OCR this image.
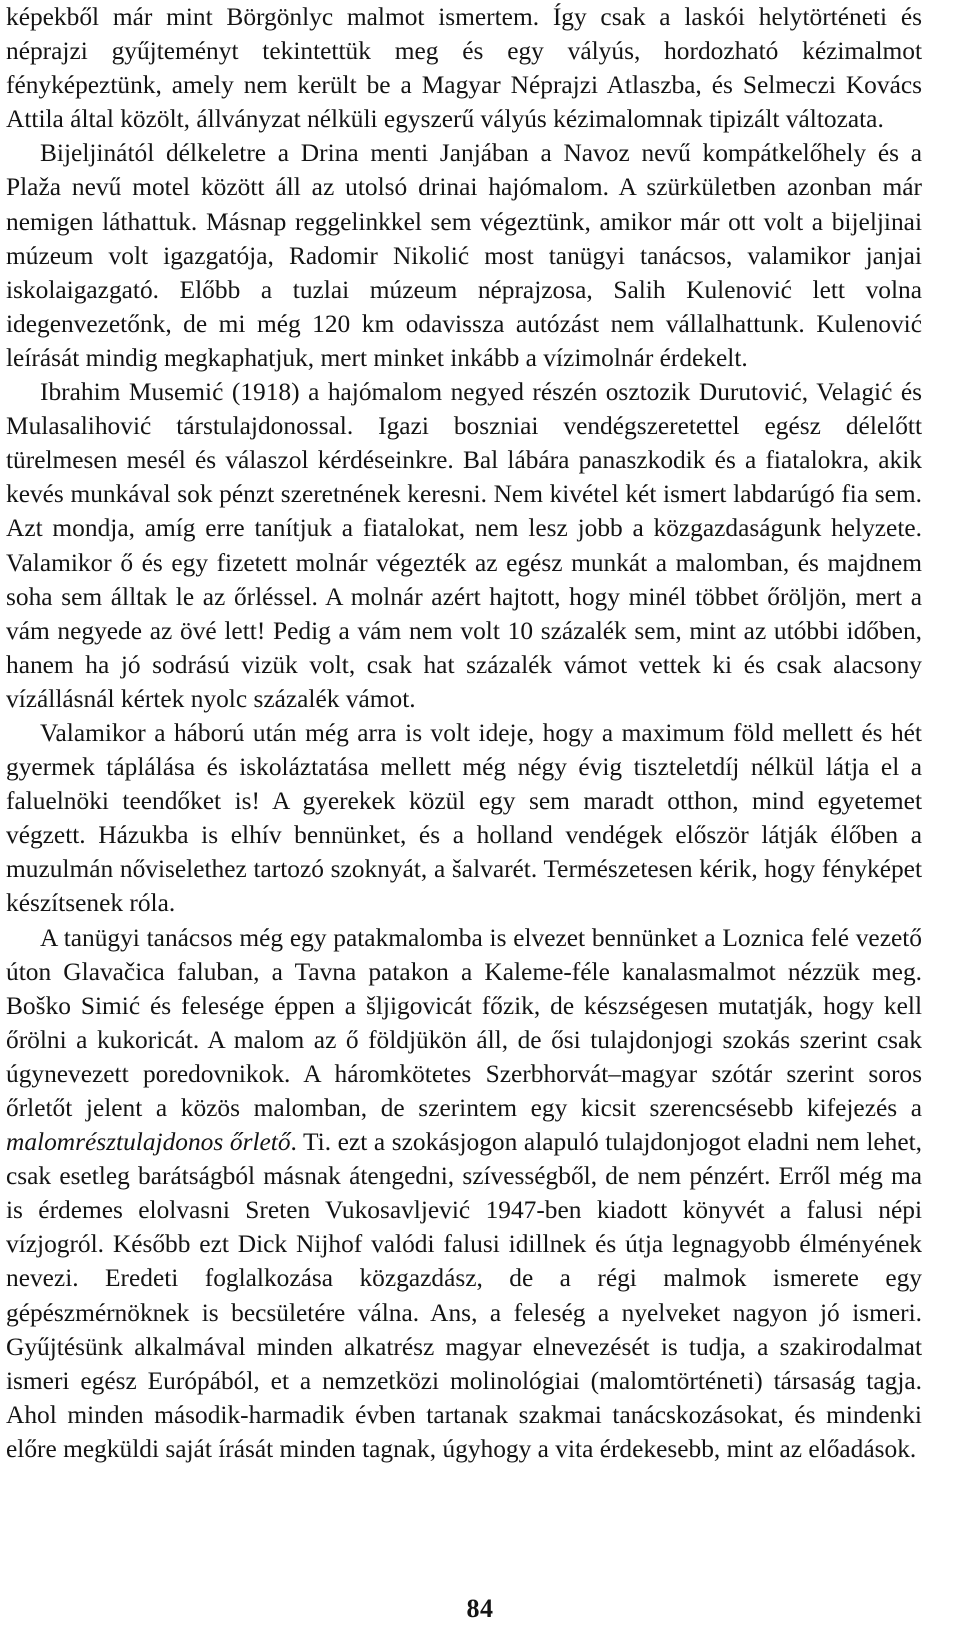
képekből már mint Börgönlyc malmot ismertem. Így csak a laskói helytörténeti és néprajzi gyűjteményt tekintettük meg és egy vályús, hordozható kézimalmot fényképeztünk, amely nem került be a Magyar Néprajzi Atlaszba, és Selmeczi Kovács Attila által közölt, állványzat nélküli egyszerű vályús kézimalomnak tipizált változata.

Bijeljinától délkeletre a Drina menti Janjában a Navoz nevű kompátkelőhely és a Plaža nevű motel között áll az utolsó drinai hajómalom. A szürkületben azonban már nemigen láthattuk. Másnap reggelinkkel sem végeztünk, amikor már ott volt a bijeljinai múzeum volt igazgatója, Radomir Nikolić most tanügyi tanácsos, valamikor janjai iskolaigazgató. Előbb a tuzlai múzeum néprajzosa, Salih Kulenović lett volna idegenvezetőnk, de mi még 120 km odavissza autózást nem vállalhattunk. Kulenović leírását mindig megkaphatjuk, mert minket inkább a vízimolnár érdekelt.

Ibrahim Musemić (1918) a hajómalom negyed részén osztozik Durutović, Velagić és Mulasalihović társtulajdonossal. Igazi boszniai vendégszeretettel egész délelőtt türelmesen mesél és válaszol kérdéseinkre. Bal lábára panaszkodik és a fiatalokra, akik kevés munkával sok pénzt szeretnének keresni. Nem kivétel két ismert labdarúgó fia sem. Azt mondja, amíg erre tanítjuk a fiatalokat, nem lesz jobb a közgazdaságunk helyzete. Valamikor ő és egy fizetett molnár végezték az egész munkát a malomban, és majdnem soha sem álltak le az őrléssel. A molnár azért hajtott, hogy minél többet őröljön, mert a vám negyede az övé lett! Pedig a vám nem volt 10 százalék sem, mint az utóbbi időben, hanem ha jó sodrású vizük volt, csak hat százalék vámot vettek ki és csak alacsony vízállásnál kértek nyolc százalék vámot.

Valamikor a háború után még arra is volt ideje, hogy a maximum föld mellett és hét gyermek táplálása és iskoláztatása mellett még négy évig tiszteletdíj nélkül látja el a faluelnöki teendőket is! A gyerekek közül egy sem maradt otthon, mind egyetemet végzett. Házukba is elhív bennünket, és a holland vendégek először látják élőben a muzulmán nőviselethez tartozó szoknyát, a šalvarét. Természetesen kérik, hogy fényképet készítsenek róla.

A tanügyi tanácsos még egy patakmalomba is elvezet bennünket a Loznica felé vezető úton Glavačica faluban, a Tavna patakon a Kaleme-féle kanalasmalmot nézzük meg. Boško Simić és felesége éppen a šljigovicát főzik, de készségesen mutatják, hogy kell őrölni a kukoricát. A malom az ő földjükön áll, de ősi tulajdonjogi szokás szerint csak úgynevezett poredovnikok. A háromkötetes Szerbhorvát–magyar szótár szerint soros őrletőt jelent a közös malomban, de szerintem egy kicsit szerencsésebb kifejezés a malomrésztulajdonos őrlető. Ti. ezt a szokásjogon alapuló tulajdonjogot eladni nem lehet, csak esetleg barátságból másnak átengedni, szívességből, de nem pénzért. Erről még ma is érdemes elolvasni Sreten Vukosavljević 1947-ben kiadott könyvét a falusi népi vízjogról. Később ezt Dick Nijhof valódi falusi idillnek és útja legnagyobb élményének nevezi. Eredeti foglalkozása közgazdász, de a régi malmok ismerete egy gépészmérnöknek is becsületére válna. Ans, a feleség a nyelveket nagyon jó ismeri. Gyűjtésünk alkalmával minden alkatrész magyar elnevezését is tudja, a szakirodalmat ismeri egész Európából, et a nemzetközi molinológiai (malomtörténeti) társaság tagja. Ahol minden második-harmadik évben tartanak szakmai tanácskozásokat, és mindenki előre megküldi saját írását minden tagnak, úgyhogy a vita érdekesebb, mint az előadások.

84
